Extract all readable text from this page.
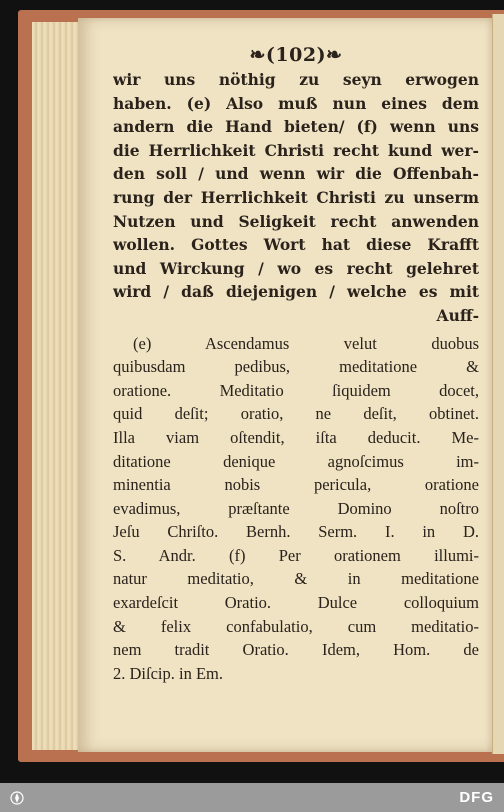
❧(102)❧
wir uns nöthig zu seyn erwogen
haben. (e) Also muß nun eines dem
andern die Hand bieten/ (f) wenn uns
die Herrlichkeit Christi recht kund wer-
den soll / und wenn wir die Offenbah-
rung der Herrlichkeit Christi zu unserm
Nutzen und Seligkeit recht anwenden
wollen. Gottes Wort hat diese Krafft
und Wirckung / wo es recht gelehret
wird / daß diejenigen / welche es mit
Auff-
(e) Ascendamus velut duobus
quibusdam pedibus, meditatione &
oratione. Meditatio ſiquidem docet,
quid deſit; oratio, ne deſit, obtinet.
Illa viam oſtendit, iſta deducit. Me-
ditatione denique agnoſcimus im-
minentia nobis pericula, oratione
evadimus, præſtante Domino noſtro
Jeſu Chriſto. Bernh. Serm. I. in D.
S. Andr. (f) Per orationem illumi-
natur meditatio, & in meditatione
exardeſcit Oratio. Dulce colloquium
& felix confabulatio, cum meditatio-
nem tradit Oratio. Idem, Hom. de
2. Diſcip. in Em.
DFG
